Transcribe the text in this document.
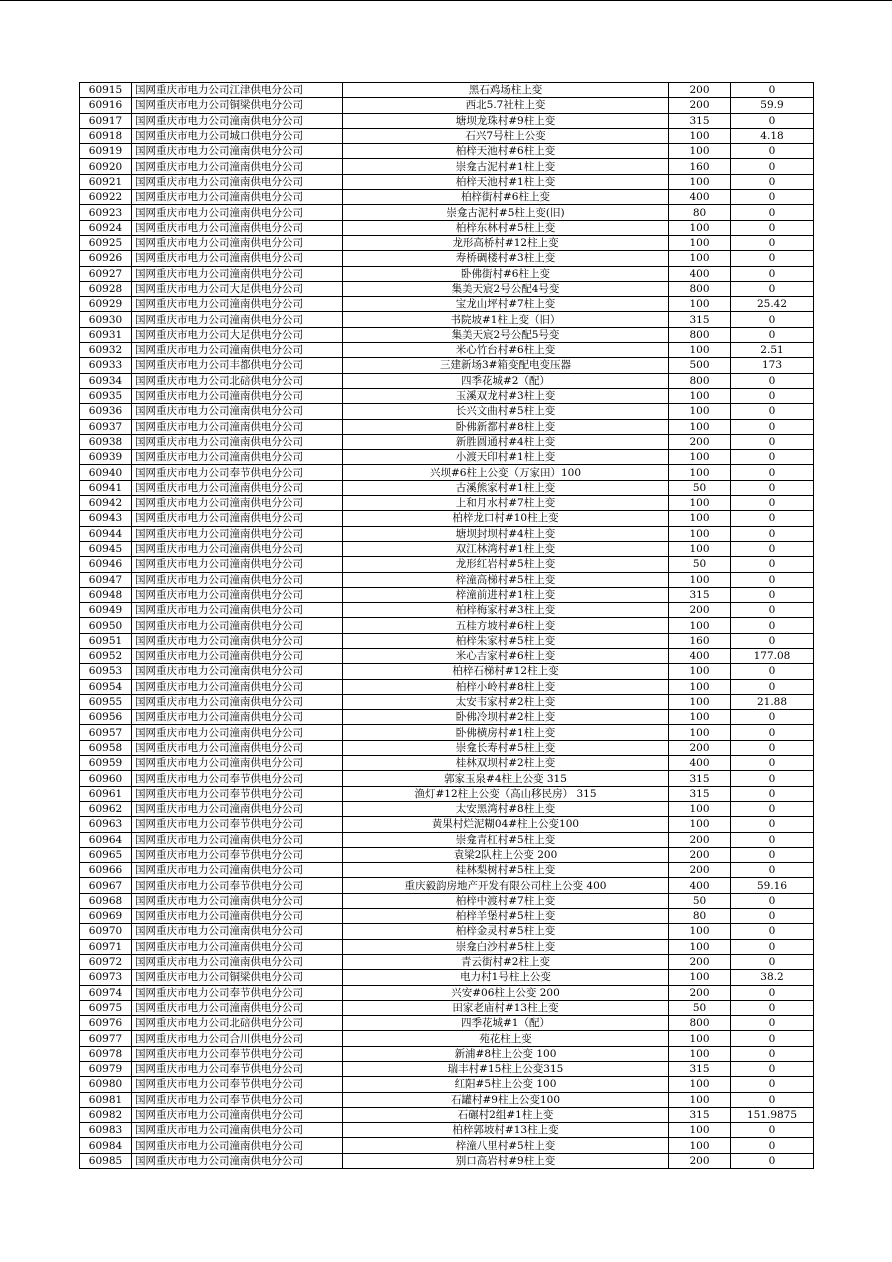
60915	国网重庆市电力公司江津供电分公司	黑石鸡场柱上变	200	0
60916	国网重庆市电力公司铜梁供电分公司	西北5.7社柱上变	200	59.9
60917	国网重庆市电力公司潼南供电分公司	塘坝龙珠村#9柱上变	315	0
60918	国网重庆市电力公司城口供电分公司	石兴7号柱上公变	100	4.18
60919	国网重庆市电力公司潼南供电分公司	柏梓天池村#6柱上变	100	0
60920	国网重庆市电力公司潼南供电分公司	崇龛古泥村#1柱上变	160	0
60921	国网重庆市电力公司潼南供电分公司	柏梓天池村#1柱上变	100	0
60922	国网重庆市电力公司潼南供电分公司	柏梓街村#6柱上变	400	0
60923	国网重庆市电力公司潼南供电分公司	崇龛古泥村#5柱上变(旧)	80	0
60924	国网重庆市电力公司潼南供电分公司	柏梓东林村#5柱上变	100	0
60925	国网重庆市电力公司潼南供电分公司	龙形高桥村#12柱上变	100	0
60926	国网重庆市电力公司潼南供电分公司	寿桥碉楼村#3柱上变	100	0
60927	国网重庆市电力公司潼南供电分公司	卧佛街村#6柱上变	400	0
60928	国网重庆市电力公司大足供电分公司	集美天宸2号公配4号变	800	0
60929	国网重庆市电力公司潼南供电分公司	宝龙山坪村#7柱上变	100	25.42
60930	国网重庆市电力公司潼南供电分公司	书院坡#1柱上变（旧）	315	0
60931	国网重庆市电力公司大足供电分公司	集美天宸2号公配5号变	800	0
60932	国网重庆市电力公司潼南供电分公司	米心竹台村#6柱上变	100	2.51
60933	国网重庆市电力公司丰都供电分公司	三建新场3#箱变配电变压器	500	173
60934	国网重庆市电力公司北碚供电分公司	四季花城#2（配）	800	0
60935	国网重庆市电力公司潼南供电分公司	玉溪双龙村#3柱上变	100	0
60936	国网重庆市电力公司潼南供电分公司	长兴文曲村#5柱上变	100	0
60937	国网重庆市电力公司潼南供电分公司	卧佛新都村#8柱上变	100	0
60938	国网重庆市电力公司潼南供电分公司	新胜圆通村#4柱上变	200	0
60939	国网重庆市电力公司潼南供电分公司	小渡天印村#1柱上变	100	0
60940	国网重庆市电力公司奉节供电分公司	兴坝#6柱上公变（万家田）100	100	0
60941	国网重庆市电力公司潼南供电分公司	古溪熊家村#1柱上变	50	0
60942	国网重庆市电力公司潼南供电分公司	上和月水村#7柱上变	100	0
60943	国网重庆市电力公司潼南供电分公司	柏梓龙口村#10柱上变	100	0
60944	国网重庆市电力公司潼南供电分公司	塘坝封坝村#4柱上变	100	0
60945	国网重庆市电力公司潼南供电分公司	双江林湾村#1柱上变	100	0
60946	国网重庆市电力公司潼南供电分公司	龙形红岩村#5柱上变	50	0
60947	国网重庆市电力公司潼南供电分公司	梓潼高梯村#5柱上变	100	0
60948	国网重庆市电力公司潼南供电分公司	梓潼前进村#1柱上变	315	0
60949	国网重庆市电力公司潼南供电分公司	柏梓梅家村#3柱上变	200	0
60950	国网重庆市电力公司潼南供电分公司	五桂方坡村#6柱上变	100	0
60951	国网重庆市电力公司潼南供电分公司	柏梓朱家村#5柱上变	160	0
60952	国网重庆市电力公司潼南供电分公司	米心吉家村#6柱上变	400	177.08
60953	国网重庆市电力公司潼南供电分公司	柏梓石梯村#12柱上变	100	0
60954	国网重庆市电力公司潼南供电分公司	柏梓小岭村#8柱上变	100	0
60955	国网重庆市电力公司潼南供电分公司	太安韦家村#2柱上变	100	21.88
60956	国网重庆市电力公司潼南供电分公司	卧佛冷坝村#2柱上变	100	0
60957	国网重庆市电力公司潼南供电分公司	卧佛横房村#1柱上变	100	0
60958	国网重庆市电力公司潼南供电分公司	崇龛长寿村#5柱上变	200	0
60959	国网重庆市电力公司潼南供电分公司	桂林双坝村#2柱上变	400	0
60960	国网重庆市电力公司奉节供电分公司	郭家玉泉#4柱上公变 315	315	0
60961	国网重庆市电力公司奉节供电分公司	渔灯#12柱上公变（高山移民房） 315	315	0
60962	国网重庆市电力公司潼南供电分公司	太安黑湾村#8柱上变	100	0
60963	国网重庆市电力公司奉节供电分公司	黄果村烂泥糊04#柱上公变100	100	0
60964	国网重庆市电力公司潼南供电分公司	崇龛青杠村#5柱上变	200	0
60965	国网重庆市电力公司奉节供电分公司	袁梁2队柱上公变 200	200	0
60966	国网重庆市电力公司潼南供电分公司	桂林梨树村#5柱上变	200	0
60967	国网重庆市电力公司奉节供电分公司	重庆毅韵房地产开发有限公司柱上公变 400	400	59.16
60968	国网重庆市电力公司潼南供电分公司	柏梓中渡村#7柱上变	50	0
60969	国网重庆市电力公司潼南供电分公司	柏梓羊堡村#5柱上变	80	0
60970	国网重庆市电力公司潼南供电分公司	柏梓金灵村#5柱上变	100	0
60971	国网重庆市电力公司潼南供电分公司	崇龛白沙村#5柱上变	100	0
60972	国网重庆市电力公司潼南供电分公司	青云街村#2柱上变	200	0
60973	国网重庆市电力公司铜梁供电分公司	电力村1号柱上公变	100	38.2
60974	国网重庆市电力公司奉节供电分公司	兴安#06柱上公变 200	200	0
60975	国网重庆市电力公司潼南供电分公司	田家老庙村#13柱上变	50	0
60976	国网重庆市电力公司北碚供电分公司	四季花城#1（配）	800	0
60977	国网重庆市电力公司合川供电分公司	苑花柱上变	100	0
60978	国网重庆市电力公司奉节供电分公司	新浦#8柱上公变 100	100	0
60979	国网重庆市电力公司奉节供电分公司	瑞丰村#15柱上公变315	315	0
60980	国网重庆市电力公司奉节供电分公司	红阳#5柱上公变 100	100	0
60981	国网重庆市电力公司奉节供电分公司	石罐村#9柱上公变100	100	0
60982	国网重庆市电力公司潼南供电分公司	石碾村2组#1柱上变	315	151.9875
60983	国网重庆市电力公司潼南供电分公司	柏梓郭坡村#13柱上变	100	0
60984	国网重庆市电力公司潼南供电分公司	梓潼八里村#5柱上变	100	0
60985	国网重庆市电力公司潼南供电分公司	别口高岩村#9柱上变	200	0
